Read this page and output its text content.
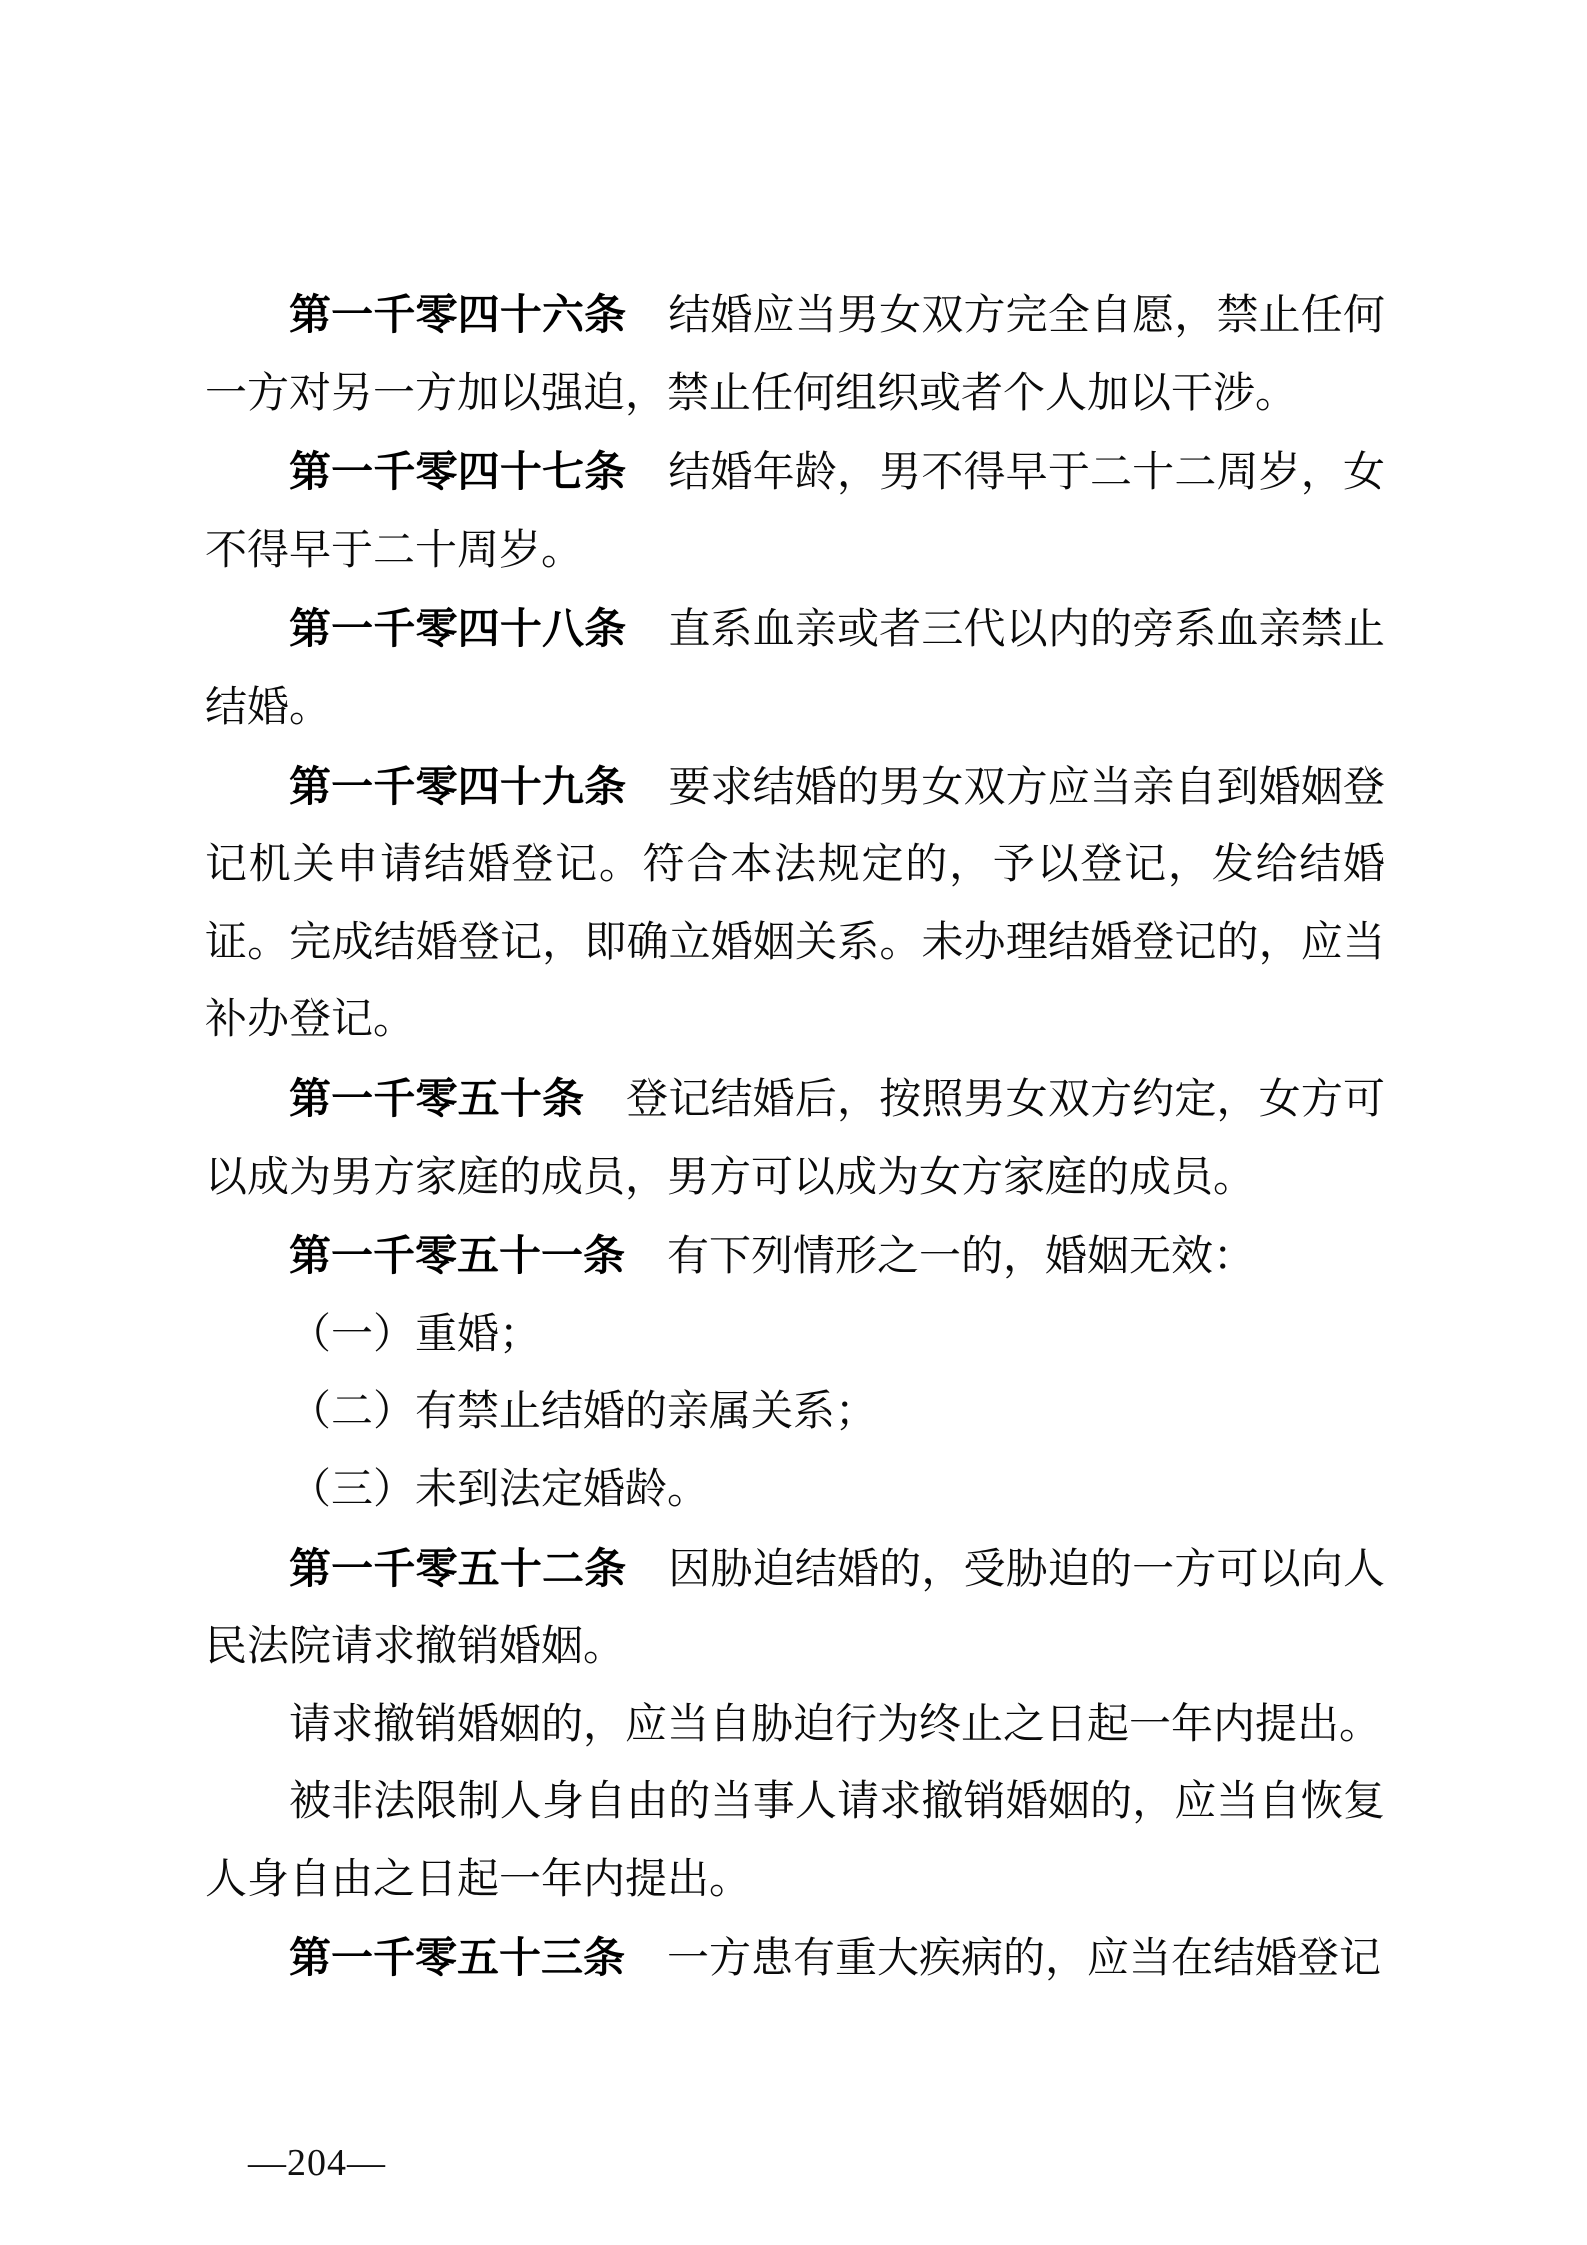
第一千零四十六条 结婚应当男女双方完全自愿，禁止任何一方对另一方加以强迫，禁止任何组织或者个人加以干涉。

第一千零四十七条 结婚年龄，男不得早于二十二周岁，女不得早于二十周岁。

第一千零四十八条 直系血亲或者三代以内的旁系血亲禁止结婚。

第一千零四十九条 要求结婚的男女双方应当亲自到婚姻登记机关申请结婚登记。符合本法规定的，予以登记，发给结婚证。完成结婚登记，即确立婚姻关系。未办理结婚登记的，应当补办登记。

第一千零五十条 登记结婚后，按照男女双方约定，女方可以成为男方家庭的成员，男方可以成为女方家庭的成员。

第一千零五十一条 有下列情形之一的，婚姻无效：

（一）重婚；

（二）有禁止结婚的亲属关系；

（三）未到法定婚龄。

第一千零五十二条 因胁迫结婚的，受胁迫的一方可以向人民法院请求撤销婚姻。

请求撤销婚姻的，应当自胁迫行为终止之日起一年内提出。

被非法限制人身自由的当事人请求撤销婚姻的，应当自恢复人身自由之日起一年内提出。

第一千零五十三条 一方患有重大疾病的，应当在结婚登记

—204—
